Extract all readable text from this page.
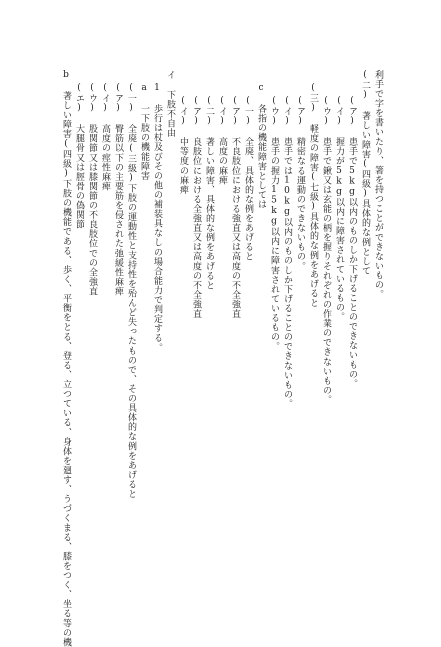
利手で字を書いたり、箸を持つことができないもの。
(二) 著しい障害(四級)具体的な例として
(ア) 患手で5kg以内のものしか下げることのできないもの。
(イ) 握力が5kg以内に障害されているもの。
(ウ) 患手で鍬又は玄能の柄を握りそれぞれの作業のできないもの。
(三) 軽度の障害(七級)具体的な例をあげると
(ア) 精密なる運動のできないもの。
(イ) 患手では10kg以内のものしか下げることのできないもの。
(ウ) 患手の握力15kg以内に障害されているもの。
c 各指の機能障害としては
(一) 全廃、具体的な例をあげると
(ア) 不良肢位における強直又は高度の不全強直
(イ) 高度の麻痺
(二) 著しい障害、具体的な例をあげると
(ア) 良肢位における全強直又は高度の不全強直
(イ) 中等度の麻痺
イ 下肢不自由
1 歩行は杖及びその他の補装具なしの場合能力で判定する。
a 一下肢の機能障害
(一) 全廃(三級)下肢の運動性と支持性を殆んど失ったもので、その具体的な例をあげると
(ア) 臀筋以下の主要筋を侵された弛緩性麻痺
(イ) 高度の痙性麻痺
(ウ) 股関節又は膝関節の不良肢位での全強直
(エ) 大腿骨又は脛骨の偽関節
b 著しい障害(四級)下肢の機能である、歩く、平衡をとる、登る、立つている、身体を廻す、うづくまる、膝をつく、坐る等の機
